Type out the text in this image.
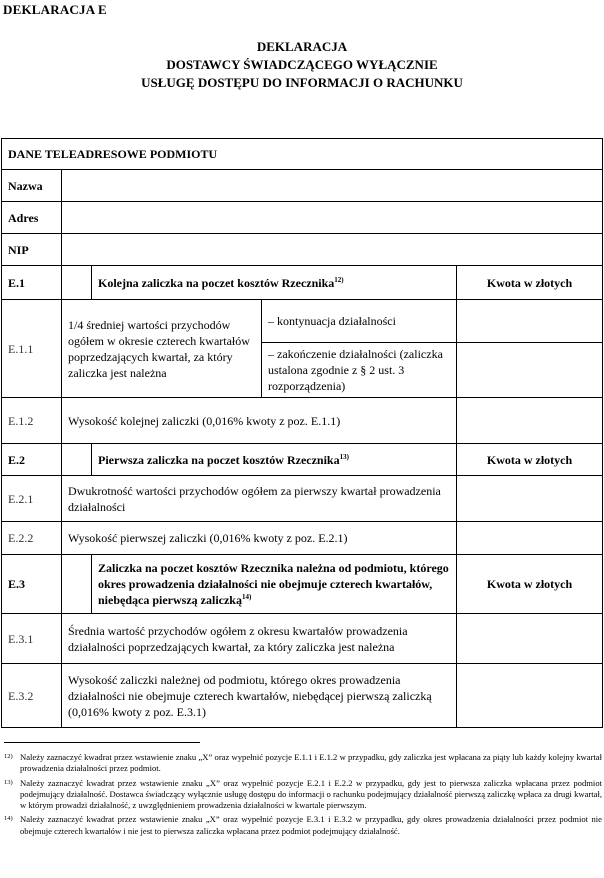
DEKLARACJA E
DEKLARACJA
DOSTAWCY ŚWIADCZĄCEGO WYŁĄCZNIE
USŁUGĘ DOSTĘPU DO INFORMACJI O RACHUNKU
DANE TELEADRESOWE PODMIOTU				
Nazwa				
Adres				
NIP				
E.1		Kolejna zaliczka na poczet kosztów Rzecznika$^{12)}$		Kwota w złotych
E.1.1	1/4 średniej wartości przychodów ogółem w okresie czterech kwartałów poprzedzających kwartał, za który zaliczka jest należna		– kontynuacja działalności	
			– zakończenie działalności (zaliczka ustalona zgodnie z § 2 ust. 3 rozporządzenia)	
E.1.2	Wysokość kolejnej zaliczki (0,016% kwoty z poz. E.1.1)			
E.2		Pierwsza zaliczka na poczet kosztów Rzecznika$^{13)}$		Kwota w złotych
E.2.1	Dwukrotność wartości przychodów ogółem za pierwszy kwartał prowadzenia działalności			
E.2.2	Wysokość pierwszej zaliczki (0,016% kwoty z poz. E.2.1)			
E.3		Zaliczka na poczet kosztów Rzecznika należna od podmiotu, którego okres prowadzenia działalności nie obejmuje czterech kwartałów, niebędąca pierwszą zaliczką$^{14)}$		Kwota w złotych
E.3.1	Średnia wartość przychodów ogółem z okresu kwartałów prowadzenia działalności poprzedzających kwartał, za który zaliczka jest należna			
E.3.2	Wysokość zaliczki należnej od podmiotu, którego okres prowadzenia działalności nie obejmuje czterech kwartałów, niebędącej pierwszą zaliczką (0,016% kwoty z poz. E.3.1)			
12) Należy zaznaczyć kwadrat przez wstawienie znaku „X” oraz wypełnić pozycje E.1.1 i E.1.2 w przypadku, gdy zaliczka jest wpłacana za piąty lub każdy kolejny kwartał prowadzenia działalności przez podmiot.
13) Należy zaznaczyć kwadrat przez wstawienie znaku „X” oraz wypełnić pozycje E.2.1 i E.2.2 w przypadku, gdy jest to pierwsza zaliczka wpłacana przez podmiot podejmujący działalność. Dostawca świadczący wyłącznie usługę dostępu do informacji o rachunku podejmujący działalność pierwszą zaliczkę wpłaca za drugi kwartał, w którym prowadzi działalność, z uwzględnieniem prowadzenia działalności w kwartale pierwszym.
14) Należy zaznaczyć kwadrat przez wstawienie znaku „X” oraz wypełnić pozycje E.3.1 i E.3.2 w przypadku, gdy okres prowadzenia działalności przez podmiot nie obejmuje czterech kwartałów i nie jest to pierwsza zaliczka wpłacana przez podmiot podejmujący działalność.
